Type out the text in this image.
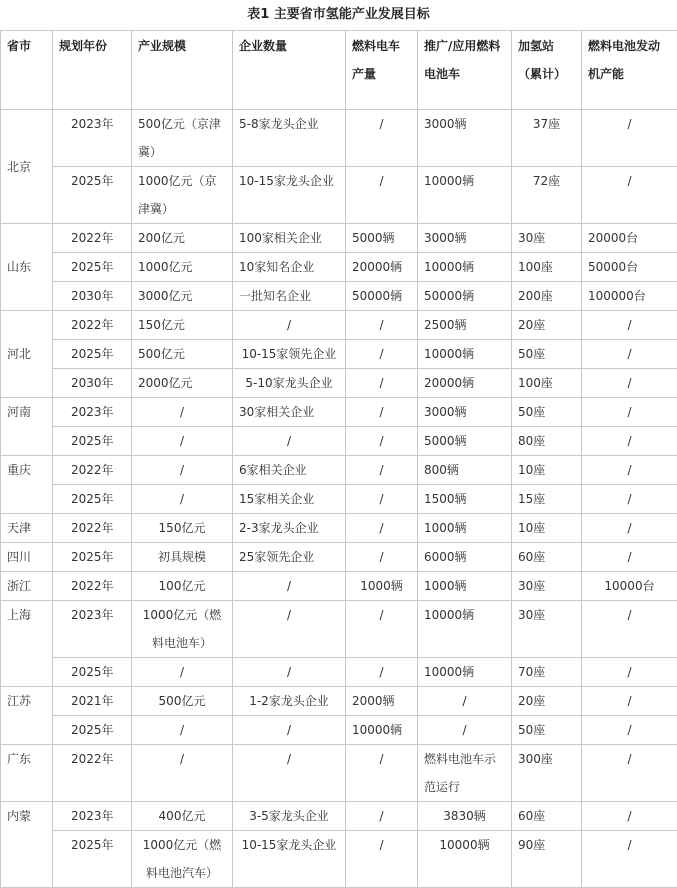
表1 主要省市氢能产业发展目标
省市	规划年份	产业规模	企业数量	燃料电车产量	推广/应用燃料电池车	加氢站（累计）	燃料电池发动机产能
北京	2023年	500亿元（京津冀）	5-8家龙头企业	/	3000辆	37座	/
	2025年	1000亿元（京津冀）	10-15家龙头企业	/	10000辆	72座	/
山东	2022年	200亿元	100家相关企业	5000辆	3000辆	30座	20000台
	2025年	1000亿元	10家知名企业	20000辆	10000辆	100座	50000台
	2030年	3000亿元	一批知名企业	50000辆	50000辆	200座	100000台
河北	2022年	150亿元	/	/	2500辆	20座	/
	2025年	500亿元	10-15家领先企业	/	10000辆	50座	/
	2030年	2000亿元	5-10家龙头企业	/	20000辆	100座	/
河南	2023年	/	30家相关企业	/	3000辆	50座	/
	2025年	/	/	/	5000辆	80座	/
重庆	2022年	/	6家相关企业	/	800辆	10座	/
	2025年	/	15家相关企业	/	1500辆	15座	/
天津	2022年	150亿元	2-3家龙头企业	/	1000辆	10座	/
四川	2025年	初具规模	25家领先企业	/	6000辆	60座	/
浙江	2022年	100亿元	/	1000辆	1000辆	30座	10000台
上海	2023年	1000亿元（燃料电池车）	/	/	10000辆	30座	/
	2025年	/	/	/	10000辆	70座	/
江苏	2021年	500亿元	1-2家龙头企业	2000辆	/	20座	/
	2025年	/	/	10000辆	/	50座	/
广东	2022年	/	/	/	燃料电池车示范运行	300座	/
内蒙	2023年	400亿元	3-5家龙头企业	/	3830辆	60座	/
	2025年	1000亿元（燃料电池汽车）	10-15家龙头企业	/	10000辆	90座	/
